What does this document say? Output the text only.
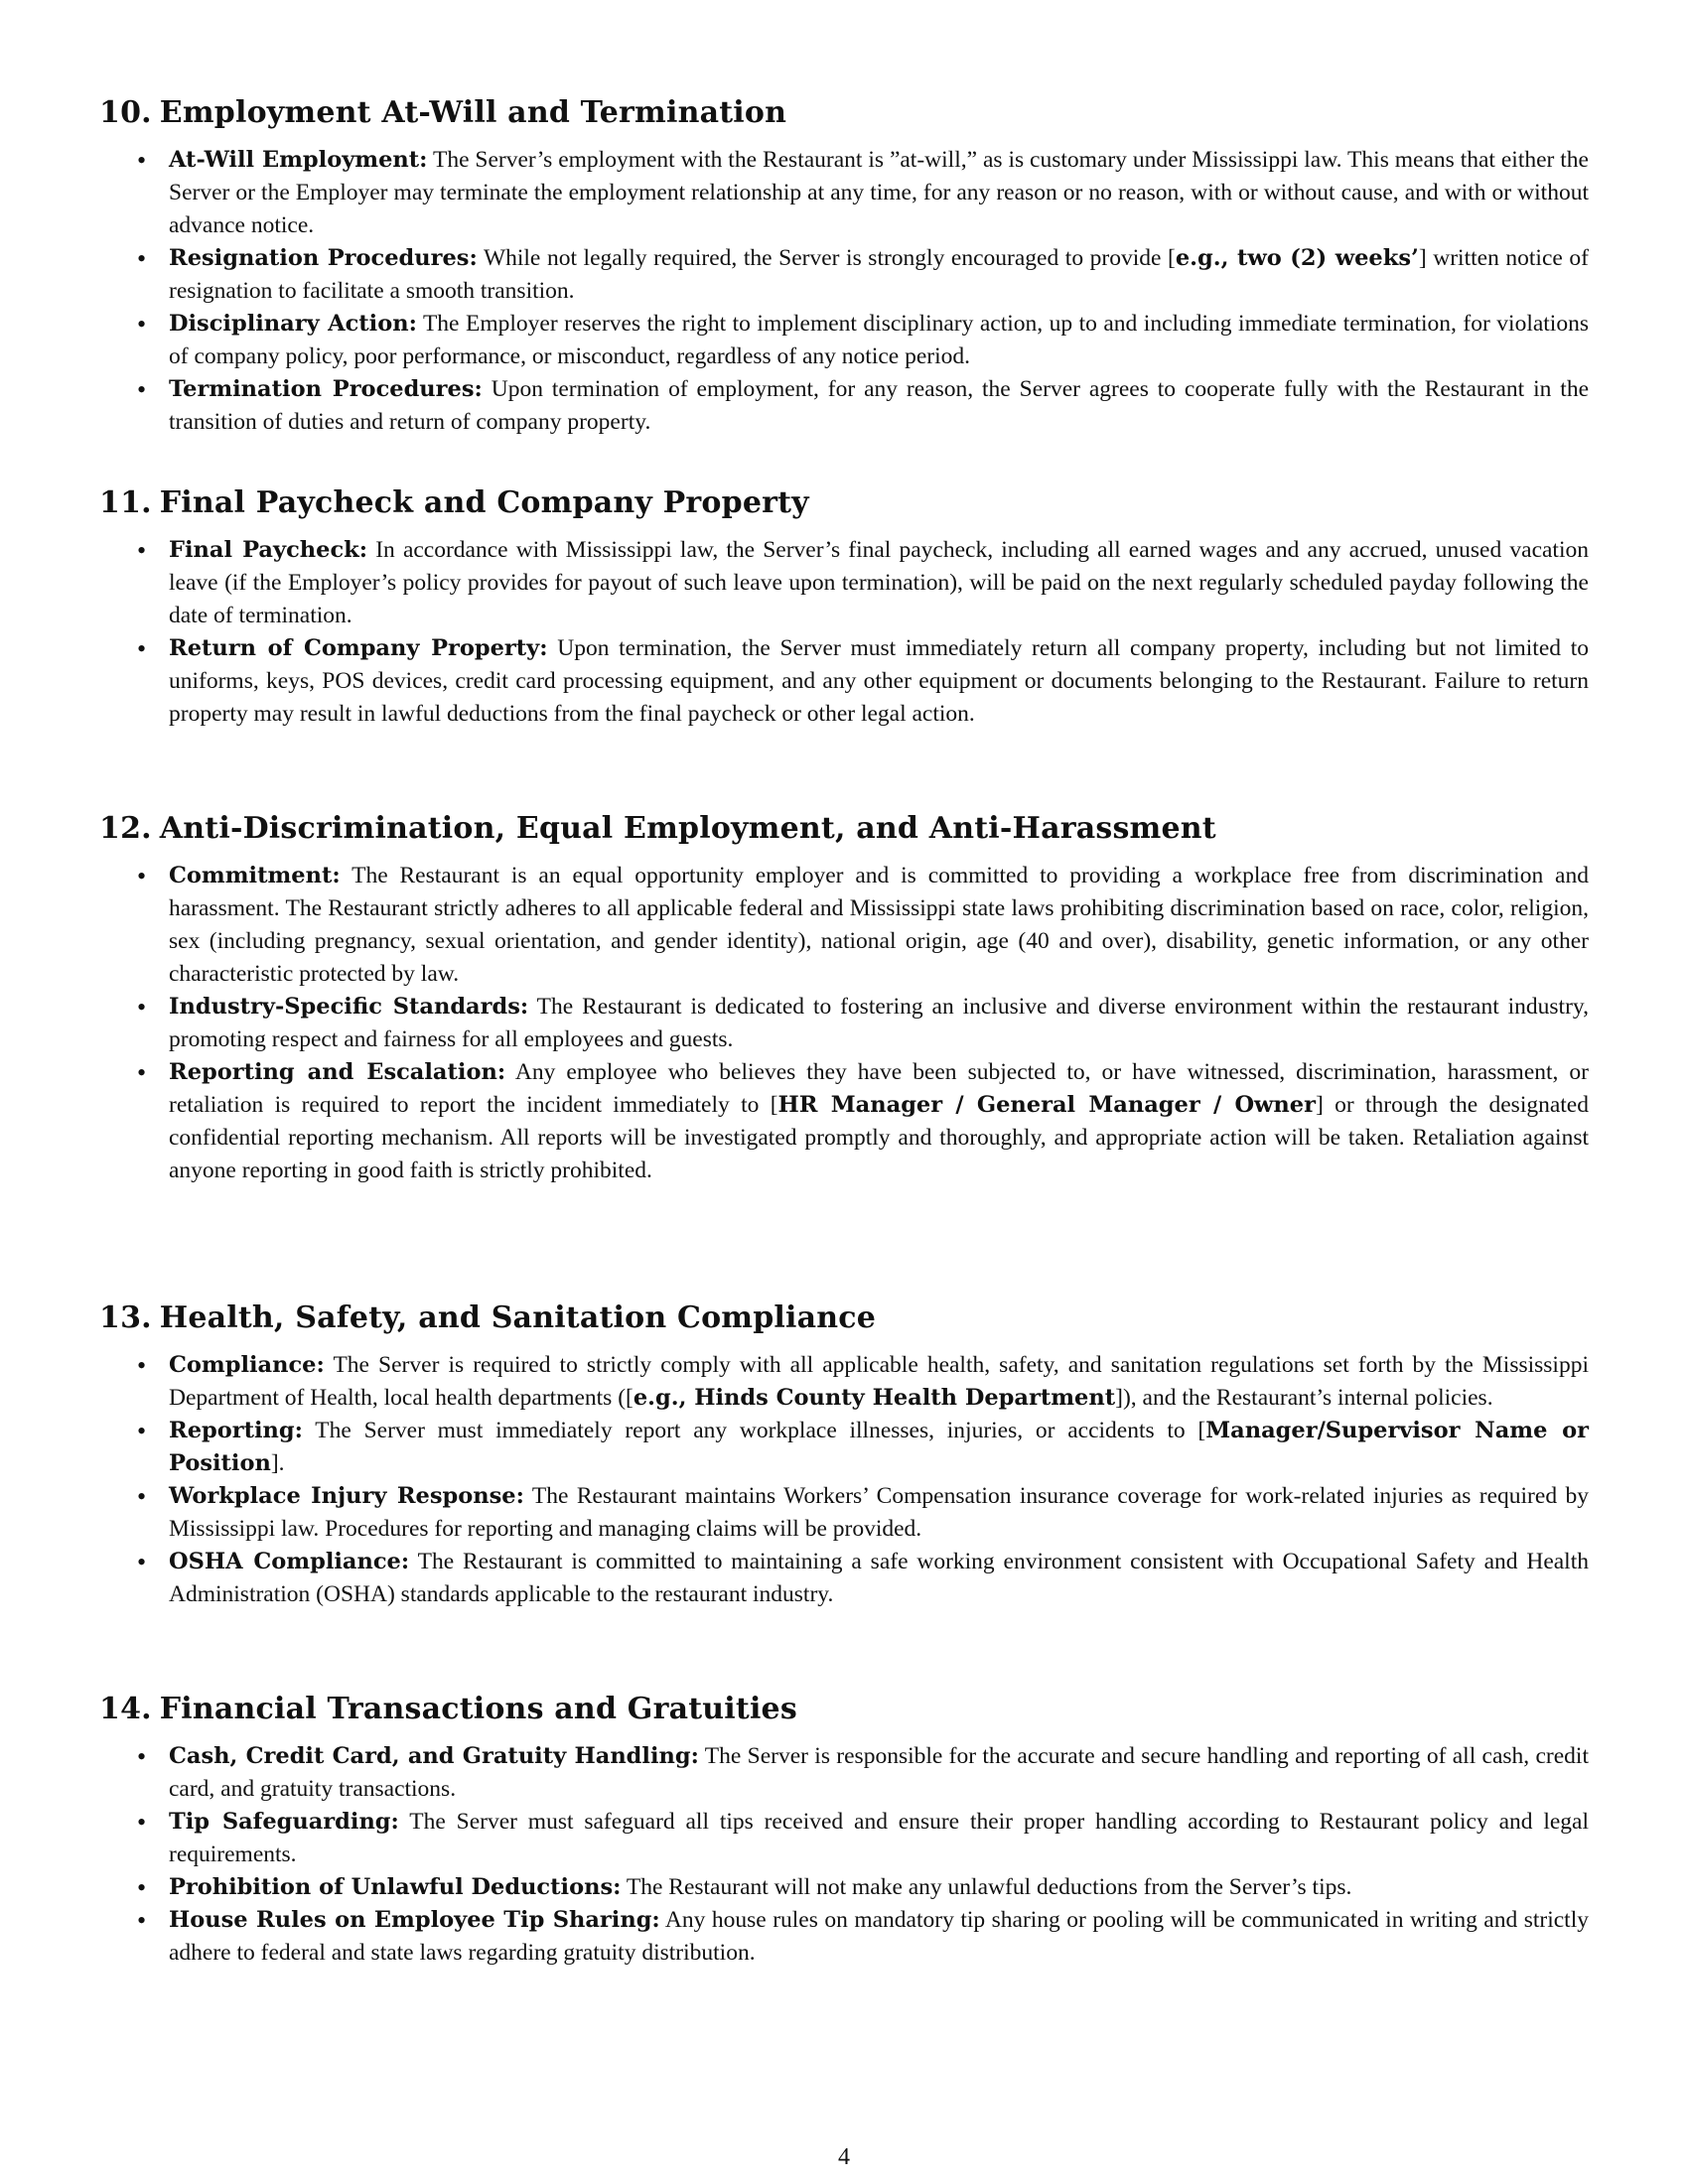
10. Employment At-Will and Termination
• At-Will Employment: The Server’s employment with the Restaurant is ”at-will,” as is customary under Mississippi law. This means that either the Server or the Employer may terminate the employment relationship at any time, for any reason or no reason, with or without cause, and with or without advance notice.
• Resignation Procedures: While not legally required, the Server is strongly encouraged to provide [e.g., two (2) weeks’] written notice of resignation to facilitate a smooth transition.
• Disciplinary Action: The Employer reserves the right to implement disciplinary action, up to and including immediate termination, for violations of company policy, poor performance, or misconduct, regardless of any notice period.
• Termination Procedures: Upon termination of employment, for any reason, the Server agrees to cooperate fully with the Restaurant in the transition of duties and return of company property.
11. Final Paycheck and Company Property
• Final Paycheck: In accordance with Mississippi law, the Server’s final paycheck, including all earned wages and any accrued, unused vacation leave (if the Employer’s policy provides for payout of such leave upon termination), will be paid on the next regularly scheduled payday following the date of termination.
• Return of Company Property: Upon termination, the Server must immediately return all company property, including but not limited to uniforms, keys, POS devices, credit card processing equipment, and any other equipment or documents belonging to the Restaurant. Failure to return property may result in lawful deductions from the final paycheck or other legal action.
12. Anti-Discrimination, Equal Employment, and Anti-Harassment
• Commitment: The Restaurant is an equal opportunity employer and is committed to providing a workplace free from discrimination and harassment. The Restaurant strictly adheres to all applicable federal and Mississippi state laws prohibiting discrimination based on race, color, religion, sex (including pregnancy, sexual orientation, and gender identity), national origin, age (40 and over), disability, genetic information, or any other characteristic protected by law.
• Industry-Specific Standards: The Restaurant is dedicated to fostering an inclusive and diverse environment within the restaurant industry, promoting respect and fairness for all employees and guests.
• Reporting and Escalation: Any employee who believes they have been subjected to, or have witnessed, discrimination, harassment, or retaliation is required to report the incident immediately to [HR Manager / General Manager / Owner] or through the designated confidential reporting mechanism. All reports will be investigated promptly and thoroughly, and appropriate action will be taken. Retaliation against anyone reporting in good faith is strictly prohibited.
13. Health, Safety, and Sanitation Compliance
• Compliance: The Server is required to strictly comply with all applicable health, safety, and sanitation regulations set forth by the Mississippi Department of Health, local health departments ([e.g., Hinds County Health Department]), and the Restaurant’s internal policies.
• Reporting: The Server must immediately report any workplace illnesses, injuries, or accidents to [Manager/Supervisor Name or Position].
• Workplace Injury Response: The Restaurant maintains Workers’ Compensation insurance coverage for work-related injuries as required by Mississippi law. Procedures for reporting and managing claims will be provided.
• OSHA Compliance: The Restaurant is committed to maintaining a safe working environment consistent with Occupational Safety and Health Administration (OSHA) standards applicable to the restaurant industry.
14. Financial Transactions and Gratuities
• Cash, Credit Card, and Gratuity Handling: The Server is responsible for the accurate and secure handling and reporting of all cash, credit card, and gratuity transactions.
• Tip Safeguarding: The Server must safeguard all tips received and ensure their proper handling according to Restaurant policy and legal requirements.
• Prohibition of Unlawful Deductions: The Restaurant will not make any unlawful deductions from the Server’s tips.
• House Rules on Employee Tip Sharing: Any house rules on mandatory tip sharing or pooling will be communicated in writing and strictly adhere to federal and state laws regarding gratuity distribution.
4
